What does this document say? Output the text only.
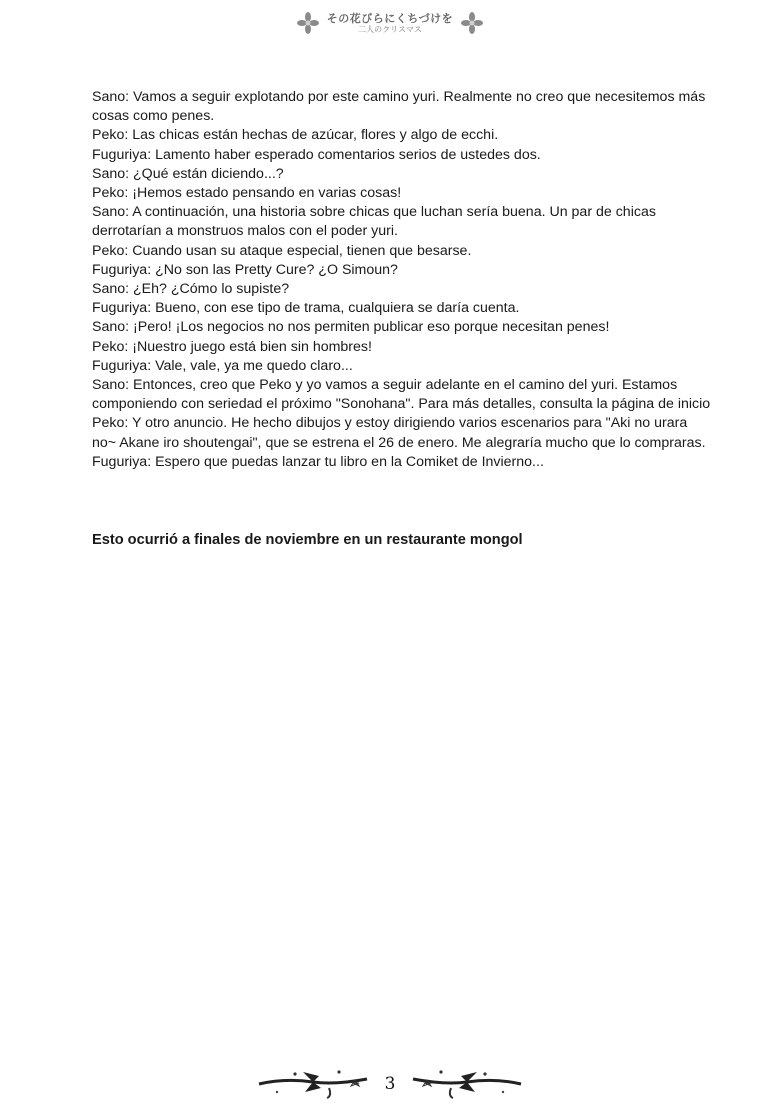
その花びらにくちづけを
二人のクリスマス

Sano: Vamos a seguir explotando por este camino yuri. Realmente no creo que necesitemos más cosas como penes.

Peko: Las chicas están hechas de azúcar, flores y algo de ecchi.

Fuguriya: Lamento haber esperado comentarios serios de ustedes dos.

Sano: ¿Qué están diciendo...?

Peko: ¡Hemos estado pensando en varias cosas!

Sano: A continuación, una historia sobre chicas que luchan sería buena. Un par de chicas derrotarían a monstruos malos con el poder yuri.

Peko: Cuando usan su ataque especial, tienen que besarse.

Fuguriya: ¿No son las Pretty Cure? ¿O Simoun?

Sano: ¿Eh? ¿Cómo lo supiste?

Fuguriya: Bueno, con ese tipo de trama, cualquiera se daría cuenta.

Sano: ¡Pero! ¡Los negocios no nos permiten publicar eso porque necesitan penes!

Peko: ¡Nuestro juego está bien sin hombres!

Fuguriya: Vale, vale, ya me quedo claro...

Sano: Entonces, creo que Peko y yo vamos a seguir adelante en el camino del yuri. Estamos componiendo con seriedad el próximo "Sonohana". Para más detalles, consulta la página de inicio

Peko: Y otro anuncio. He hecho dibujos y estoy dirigiendo varios escenarios para "Aki no urara no~ Akane iro shoutengai", que se estrena el 26 de enero. Me alegraría mucho que lo compraras.

Fuguriya: Espero que puedas lanzar tu libro en la Comiket de Invierno...

Esto ocurrió a finales de noviembre en un restaurante mongol
3
